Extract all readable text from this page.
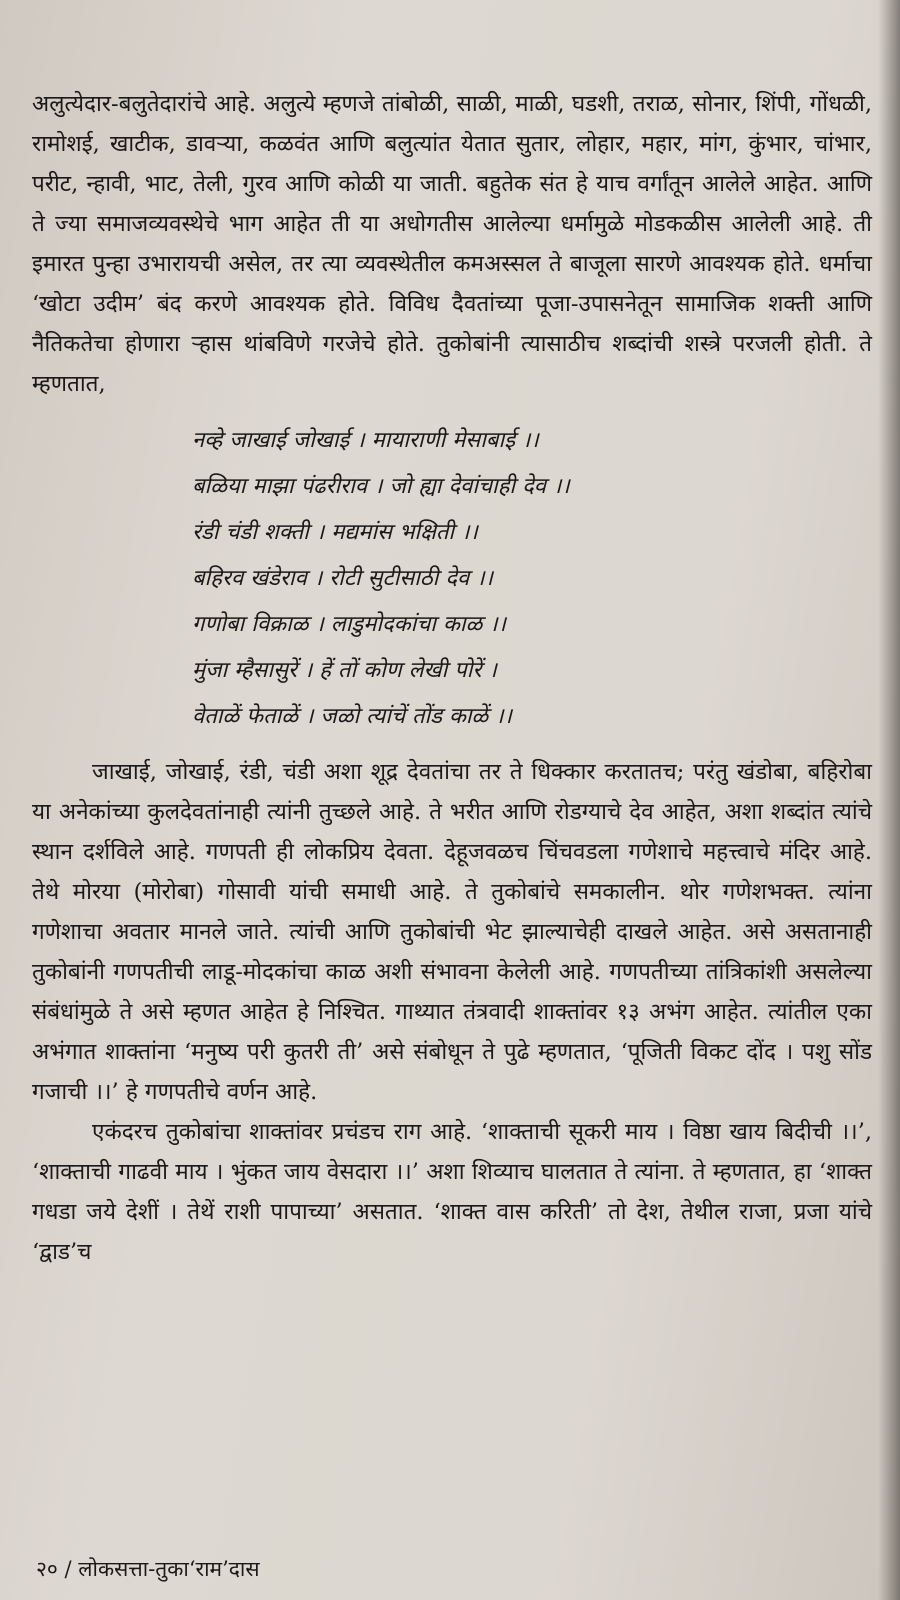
अलुत्येदार-बलुतेदारांचे आहे. अलुत्ये म्हणजे तांबोळी, साळी, माळी, घडशी, तराळ, सोनार, शिंपी, गोंधळी, रामोशई, खाटीक, डावऱ्या, कळवंत आणि बलुत्यांत येतात सुतार, लोहार, महार, मांग, कुंभार, चांभार, परीट, न्हावी, भाट, तेली, गुरव आणि कोळी या जाती. बहुतेक संत हे याच वर्गांतून आलेले आहेत. आणि ते ज्या समाजव्यवस्थेचे भाग आहेत ती या अधोगतीस आलेल्या धर्मामुळे मोडकळीस आलेली आहे. ती इमारत पुन्हा उभारायची असेल, तर त्या व्यवस्थेतील कमअस्सल ते बाजूला सारणे आवश्यक होते. धर्माचा ‘खोटा उदीम’ बंद करणे आवश्यक होते. विविध दैवतांच्या पूजा-उपासनेतून सामाजिक शक्ती आणि नैतिकतेचा होणारा ऱ्हास थांबविणे गरजेचे होते. तुकोबांनी त्यासाठीच शब्दांची शस्त्रे परजली होती. ते म्हणतात,

नव्हे जाखाई जोखाई । मायाराणी मेसाबाई ।।
बळिया माझा पंढरीराव । जो ह्या देवांचाही देव ।।
रंडी चंडी शक्ती । मद्यमांस भक्षिती ।।
बहिरव खंडेराव । रोटी सुटीसाठी देव ।।
गणोबा विक्राळ । लाडुमोदकांचा काळ ।।
मुंजा म्हैसासुरें । हें तों कोण लेखी पोरें ।
वेताळें फेताळें । जळो त्यांचें तोंड काळें ।।

जाखाई, जोखाई, रंडी, चंडी अशा शूद्र देवतांचा तर ते धिक्कार करतातच; परंतु खंडोबा, बहिरोबा या अनेकांच्या कुलदेवतांनाही त्यांनी तुच्छले आहे. ते भरीत आणि रोडग्याचे देव आहेत, अशा शब्दांत त्यांचे स्थान दर्शविले आहे. गणपती ही लोकप्रिय देवता. देहूजवळच चिंचवडला गणेशाचे महत्त्वाचे मंदिर आहे. तेथे मोरया (मोरोबा) गोसावी यांची समाधी आहे. ते तुकोबांचे समकालीन. थोर गणेशभक्त. त्यांना गणेशाचा अवतार मानले जाते. त्यांची आणि तुकोबांची भेट झाल्याचेही दाखले आहेत. असे असतानाही तुकोबांनी गणपतीची लाडू-मोदकांचा काळ अशी संभावना केलेली आहे. गणपतीच्या तांत्रिकांशी असलेल्या संबंधांमुळे ते असे म्हणत आहेत हे निश्चित. गाथ्यात तंत्रवादी शाक्तांवर १३ अभंग आहेत. त्यांतील एका अभंगात शाक्तांना ‘मनुष्य परी कुतरी ती’ असे संबोधून ते पुढे म्हणतात, ‘पूजिती विकट दोंद । पशु सोंड गजाची ।।’ हे गणपतीचे वर्णन आहे.

एकंदरच तुकोबांचा शाक्तांवर प्रचंडच राग आहे. ‘शाक्ताची सूकरी माय । विष्ठा खाय बिदीची ।।’, ‘शाक्ताची गाढवी माय । भुंकत जाय वेसदारा ।।’ अशा शिव्याच घालतात ते त्यांना. ते म्हणतात, हा ‘शाक्त गधडा जये देशीं । तेथें राशी पापाच्या’ असतात. ‘शाक्त वास करिती’ तो देश, तेथील राजा, प्रजा यांचे ‘द्वाड’च

२० / लोकसत्ता-तुका‘राम’दास
